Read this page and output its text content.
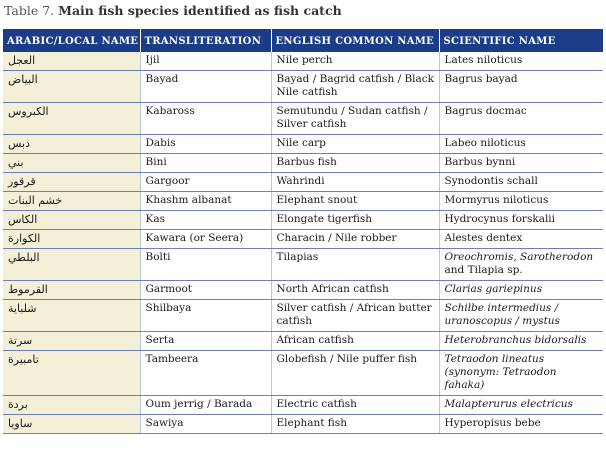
Table 7. Main fish species identified as fish catch
ARABIC/LOCAL NAME	TRANSLITERATION	ENGLISH COMMON NAME	SCIENTIFIC NAME
العجل	Ijil	Nile perch	Lates niloticus
البياض	Bayad	Bayad / Bagrid catfish / Black Nile catfish	Bagrus bayad
الكبروس	Kabaross	Semutundu / Sudan catfish / Silver catfish	Bagrus docmac
دبس	Dabis	Nile carp	Labeo niloticus
بني	Bini	Barbus fish	Barbus bynni
قرقور	Gargoor	Wahrindi	Synodontis schall
خشم البنات	Khashm albanat	Elephant snout	Mormyrus niloticus
الكاس	Kas	Elongate tigerfish	Hydrocynus forskalii
الكوارة	Kawara (or Seera)	Characin / Nile robber	Alestes dentex
البلطي	Bolti	Tilapias	Oreochromis, Sarotherodon
and Tilapia sp.
القرموط	Garmoot	North African catfish	Clarias gariepinus
شلباية	Shilbaya	Silver catfish / African butter catfish	Schilbe intermedius /
uranoscopus / mystus
سرتة	Serta	African catfish	Heterobranchus bidorsalis
تامبيرة	Tambeera	Globefish / Nile puffer fish	Tetraodon lineatus
(synonym: Tetraodon fahaka)
بردة	Oum jerrig / Barada	Electric catfish	Malapterurus electricus
ساويا	Sawiya	Elephant fish	Hyperopisus bebe
